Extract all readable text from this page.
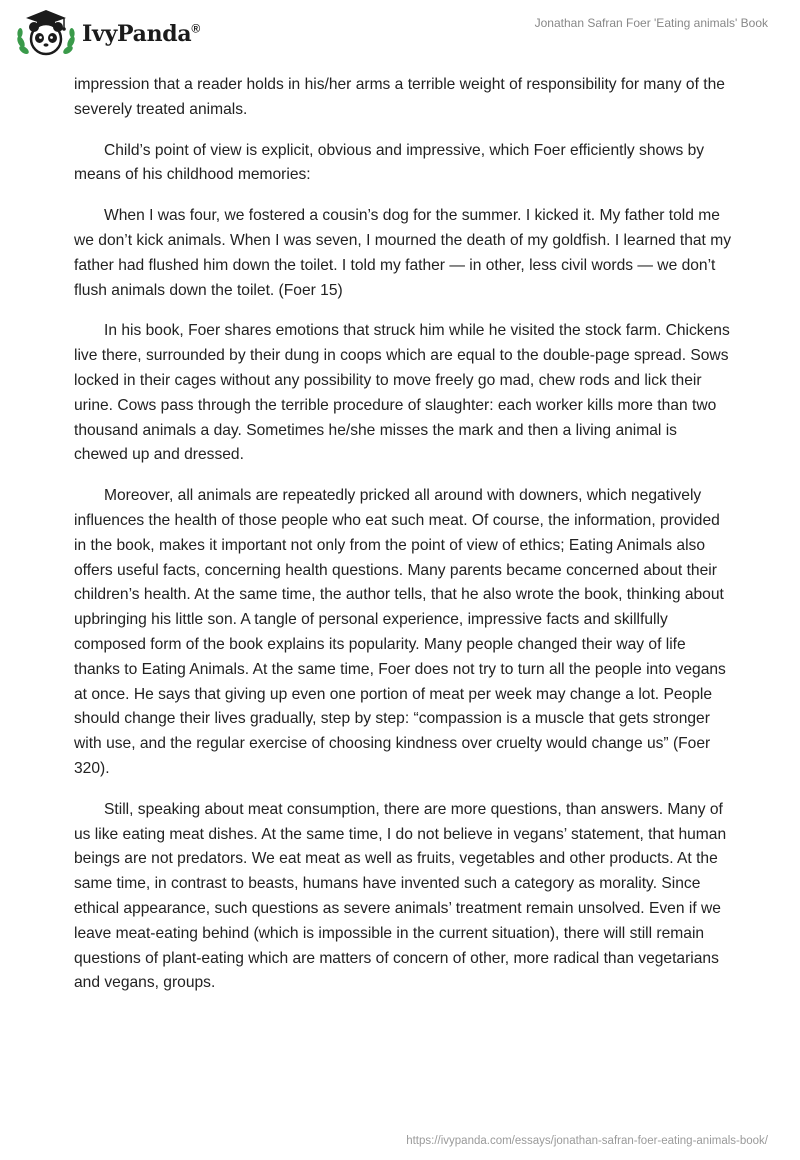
IvyPanda®	Jonathan Safran Foer 'Eating animals' Book

impression that a reader holds in his/her arms a terrible weight of responsibility for many of the severely treated animals.

Child’s point of view is explicit, obvious and impressive, which Foer efficiently shows by means of his childhood memories:

When I was four, we fostered a cousin’s dog for the summer. I kicked it. My father told me we don’t kick animals. When I was seven, I mourned the death of my goldfish. I learned that my father had flushed him down the toilet. I told my father — in other, less civil words — we don’t flush animals down the toilet. (Foer 15)

In his book, Foer shares emotions that struck him while he visited the stock farm. Chickens live there, surrounded by their dung in coops which are equal to the double-page spread. Sows locked in their cages without any possibility to move freely go mad, chew rods and lick their urine. Cows pass through the terrible procedure of slaughter: each worker kills more than two thousand animals a day. Sometimes he/she misses the mark and then a living animal is chewed up and dressed.

Moreover, all animals are repeatedly pricked all around with downers, which negatively influences the health of those people who eat such meat. Of course, the information, provided in the book, makes it important not only from the point of view of ethics; Eating Animals also offers useful facts, concerning health questions. Many parents became concerned about their children’s health. At the same time, the author tells, that he also wrote the book, thinking about upbringing his little son. A tangle of personal experience, impressive facts and skillfully composed form of the book explains its popularity. Many people changed their way of life thanks to Eating Animals. At the same time, Foer does not try to turn all the people into vegans at once. He says that giving up even one portion of meat per week may change a lot. People should change their lives gradually, step by step: “compassion is a muscle that gets stronger with use, and the regular exercise of choosing kindness over cruelty would change us” (Foer 320).

Still, speaking about meat consumption, there are more questions, than answers. Many of us like eating meat dishes. At the same time, I do not believe in vegans’ statement, that human beings are not predators. We eat meat as well as fruits, vegetables and other products. At the same time, in contrast to beasts, humans have invented such a category as morality. Since ethical appearance, such questions as severe animals’ treatment remain unsolved. Even if we leave meat-eating behind (which is impossible in the current situation), there will still remain questions of plant-eating which are matters of concern of other, more radical than vegetarians and vegans, groups.

https://ivypanda.com/essays/jonathan-safran-foer-eating-animals-book/
